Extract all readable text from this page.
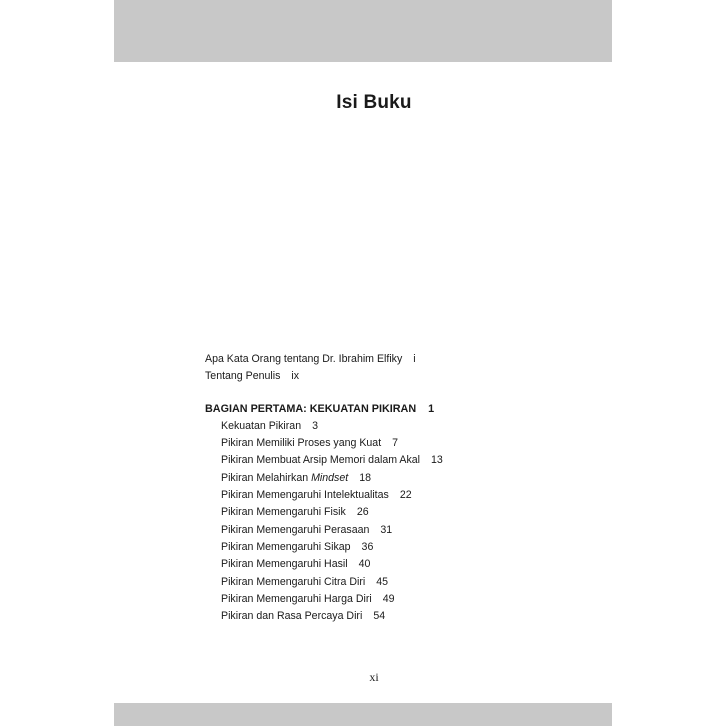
Isi Buku
Apa Kata Orang tentang Dr. Ibrahim Elfiky i
Tentang Penulis ix
BAGIAN PERTAMA: KEKUATAN PIKIRAN 1
Kekuatan Pikiran 3
Pikiran Memiliki Proses yang Kuat 7
Pikiran Membuat Arsip Memori dalam Akal 13
Pikiran Melahirkan Mindset 18
Pikiran Memengaruhi Intelektualitas 22
Pikiran Memengaruhi Fisik 26
Pikiran Memengaruhi Perasaan 31
Pikiran Memengaruhi Sikap 36
Pikiran Memengaruhi Hasil 40
Pikiran Memengaruhi Citra Diri 45
Pikiran Memengaruhi Harga Diri 49
Pikiran dan Rasa Percaya Diri 54
xi
